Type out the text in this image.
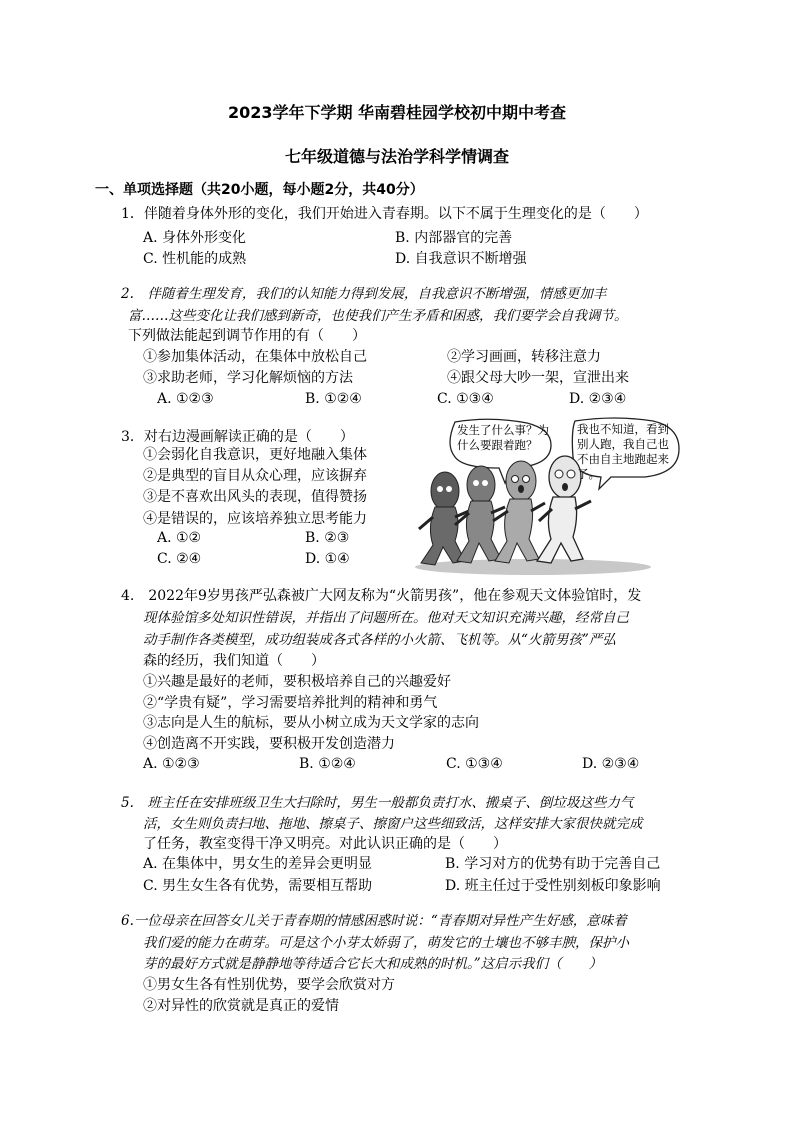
2023学年下学期 华南碧桂园学校初中期中考查
七年级道德与法治学科学情调查
一、单项选择题（共20小题，每小题2分，共40分）
1．伴随着身体外形的变化，我们开始进入青春期。以下不属于生理变化的是（　　）
A. 身体外形变化	B. 内部器官的完善
C. 性机能的成熟	D. 自我意识不断增强
2.　伴随着生理发育，我们的认知能力得到发展，自我意识不断增强，情感更加丰
富……这些变化让我们感到新奇，也使我们产生矛盾和困惑，我们要学会自我调节。
下列做法能起到调节作用的有（　　）
①参加集体活动，在集体中放松自己	②学习画画，转移注意力
③求助老师，学习化解烦恼的方法	④跟父母大吵一架，宣泄出来
A. ①②③	B. ①②④	C. ①③④	D. ②③④
3．对右边漫画解读正确的是（　　）
①会弱化自我意识，更好地融入集体
②是典型的盲目从众心理，应该摒弃
③是不喜欢出风头的表现，值得赞扬
④是错误的，应该培养独立思考能力
A. ①②	B. ②③
C. ②④	D. ①④
发生了什么事？为什么要跟着跑？
我也不知道，看到别人跑，我自己也不由自主地跑起来了。
4.　2022年9岁男孩严弘森被广大网友称为“火箭男孩”，他在参观天文体验馆时，发
现体验馆多处知识性错误，并指出了问题所在。他对天文知识充满兴趣，经常自己
动手制作各类模型，成功组装成各式各样的小火箭、飞机等。从“火箭男孩”严弘
森的经历，我们知道（　　）
①兴趣是最好的老师，要积极培养自己的兴趣爱好
②“学贵有疑”，学习需要培养批判的精神和勇气
③志向是人生的航标，要从小树立成为天文学家的志向
④创造离不开实践，要积极开发创造潜力
A. ①②③	B. ①②④	C. ①③④	D. ②③④
5.　班主任在安排班级卫生大扫除时，男生一般都负责打水、搬桌子、倒垃圾这些力气
活，女生则负责扫地、拖地、擦桌子、擦窗户这些细致活，这样安排大家很快就完成
了任务，教室变得干净又明亮。对此认识正确的是（　　）
A. 在集体中，男女生的差异会更明显	B. 学习对方的优势有助于完善自己
C. 男生女生各有优势，需要相互帮助	D. 班主任过于受性别刻板印象影响
6.一位母亲在回答女儿关于青春期的情感困惑时说：“青春期对异性产生好感，意味着
我们爱的能力在萌芽。可是这个小芽太娇弱了，萌发它的土壤也不够丰腴，保护小
芽的最好方式就是静静地等待适合它长大和成熟的时机。”这启示我们（　　）
①男女生各有性别优势，要学会欣赏对方
②对异性的欣赏就是真正的爱情
